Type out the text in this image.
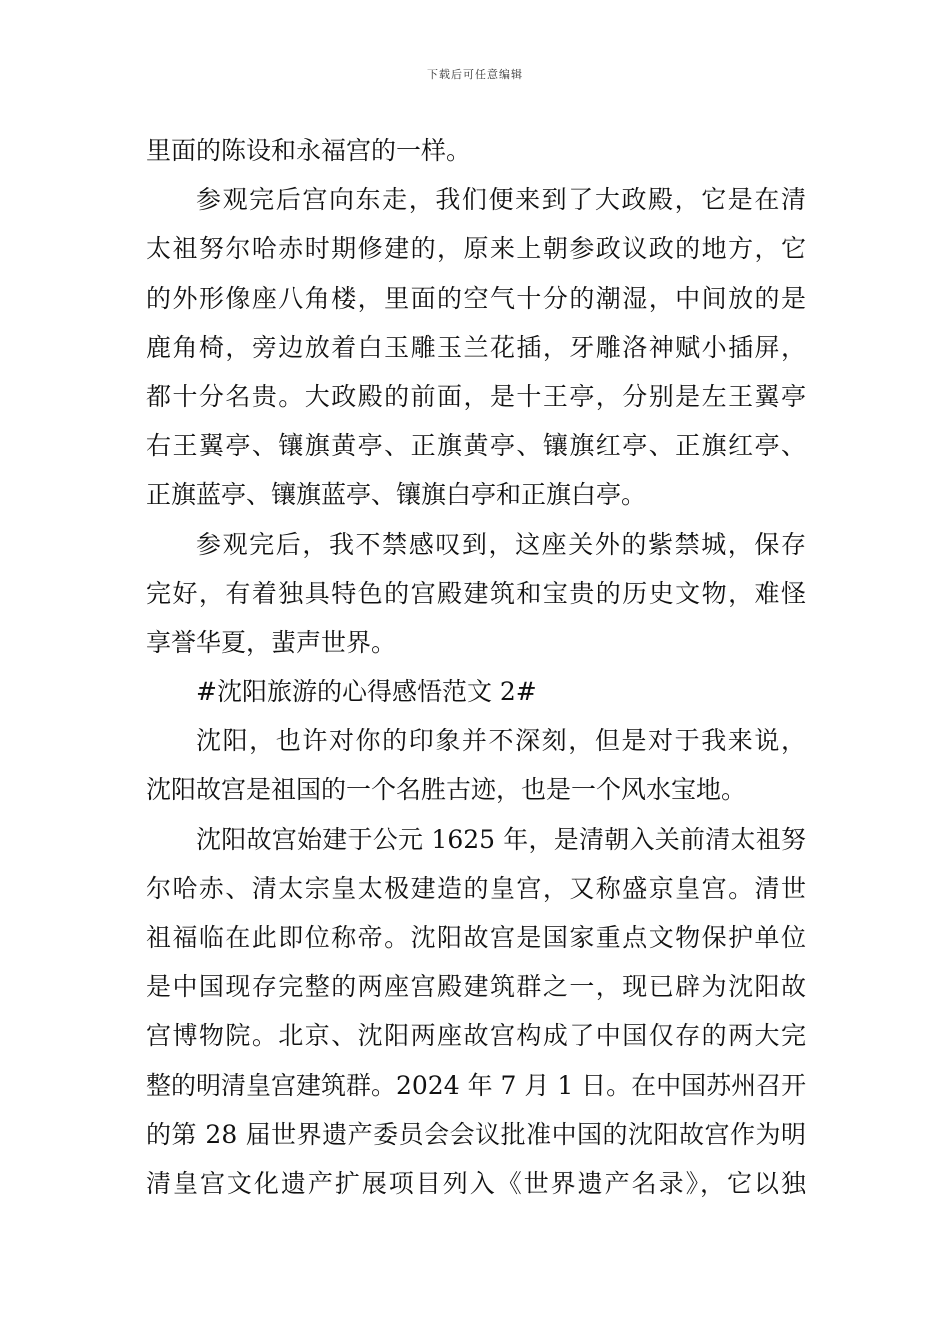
下载后可任意编辑
里面的陈设和永福宫的一样。
参观完后宫向东走，我们便来到了大政殿，它是在清
太祖努尔哈赤时期修建的，原来上朝参政议政的地方，它
的外形像座八角楼，里面的空气十分的潮湿，中间放的是
鹿角椅，旁边放着白玉雕玉兰花插，牙雕洛神赋小插屏，
都十分名贵。大政殿的前面，是十王亭，分别是左王翼亭
右王翼亭、镶旗黄亭、正旗黄亭、镶旗红亭、正旗红亭、
正旗蓝亭、镶旗蓝亭、镶旗白亭和正旗白亭。
参观完后，我不禁感叹到，这座关外的紫禁城，保存
完好，有着独具特色的宫殿建筑和宝贵的历史文物，难怪
享誉华夏，蜚声世界。
#沈阳旅游的心得感悟范文 2#
沈阳，也许对你的印象并不深刻，但是对于我来说，
沈阳故宫是祖国的一个名胜古迹，也是一个风水宝地。
沈阳故宫始建于公元 1625 年，是清朝入关前清太祖努
尔哈赤、清太宗皇太极建造的皇宫，又称盛京皇宫。清世
祖福临在此即位称帝。沈阳故宫是国家重点文物保护单位
是中国现存完整的两座宫殿建筑群之一，现已辟为沈阳故
宫博物院。北京、沈阳两座故宫构成了中国仅存的两大完
整的明清皇宫建筑群。2024 年 7 月 1 日。在中国苏州召开
的第 28 届世界遗产委员会会议批准中国的沈阳故宫作为明
清皇宫文化遗产扩展项目列入《世界遗产名录》，它以独
